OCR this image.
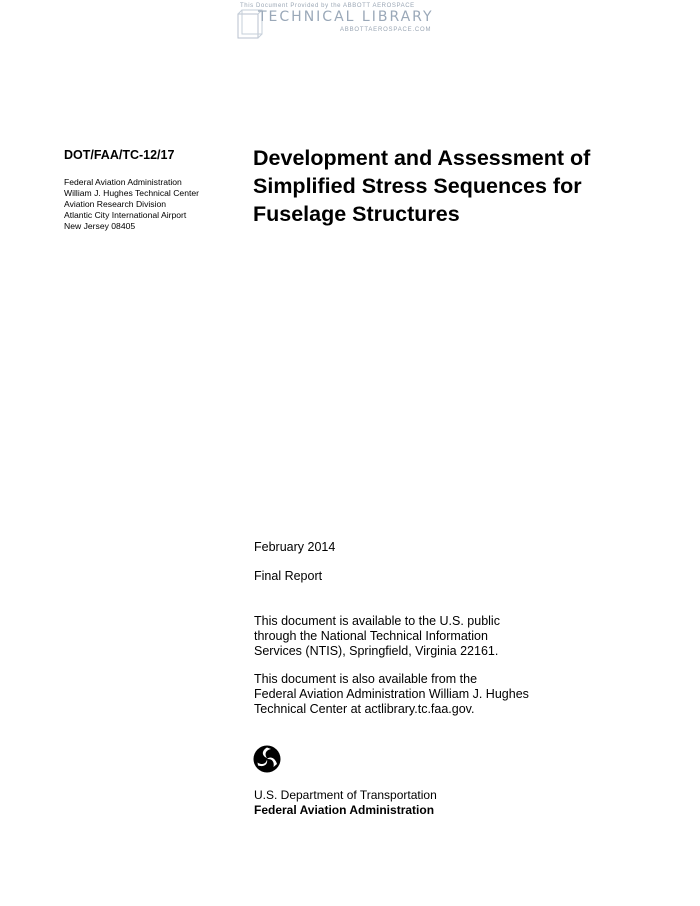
This Document Provided by the ABBOTT AEROSPACE
TECHNICAL LIBRARY
ABBOTTAEROSPACE.COM
DOT/FAA/TC-12/17
Federal Aviation Administration
William J. Hughes Technical Center
Aviation Research Division
Atlantic City International Airport
New Jersey 08405
Development and Assessment of
Simplified Stress Sequences for
Fuselage Structures

February 2014

Final Report

This document is available to the U.S. public

through the National Technical Information

Services (NTIS), Springfield, Virginia 22161.

This document is also available from the

Federal Aviation Administration William J. Hughes

Technical Center at actlibrary.tc.faa.gov.

U.S. Department of Transportation
Federal Aviation Administration
